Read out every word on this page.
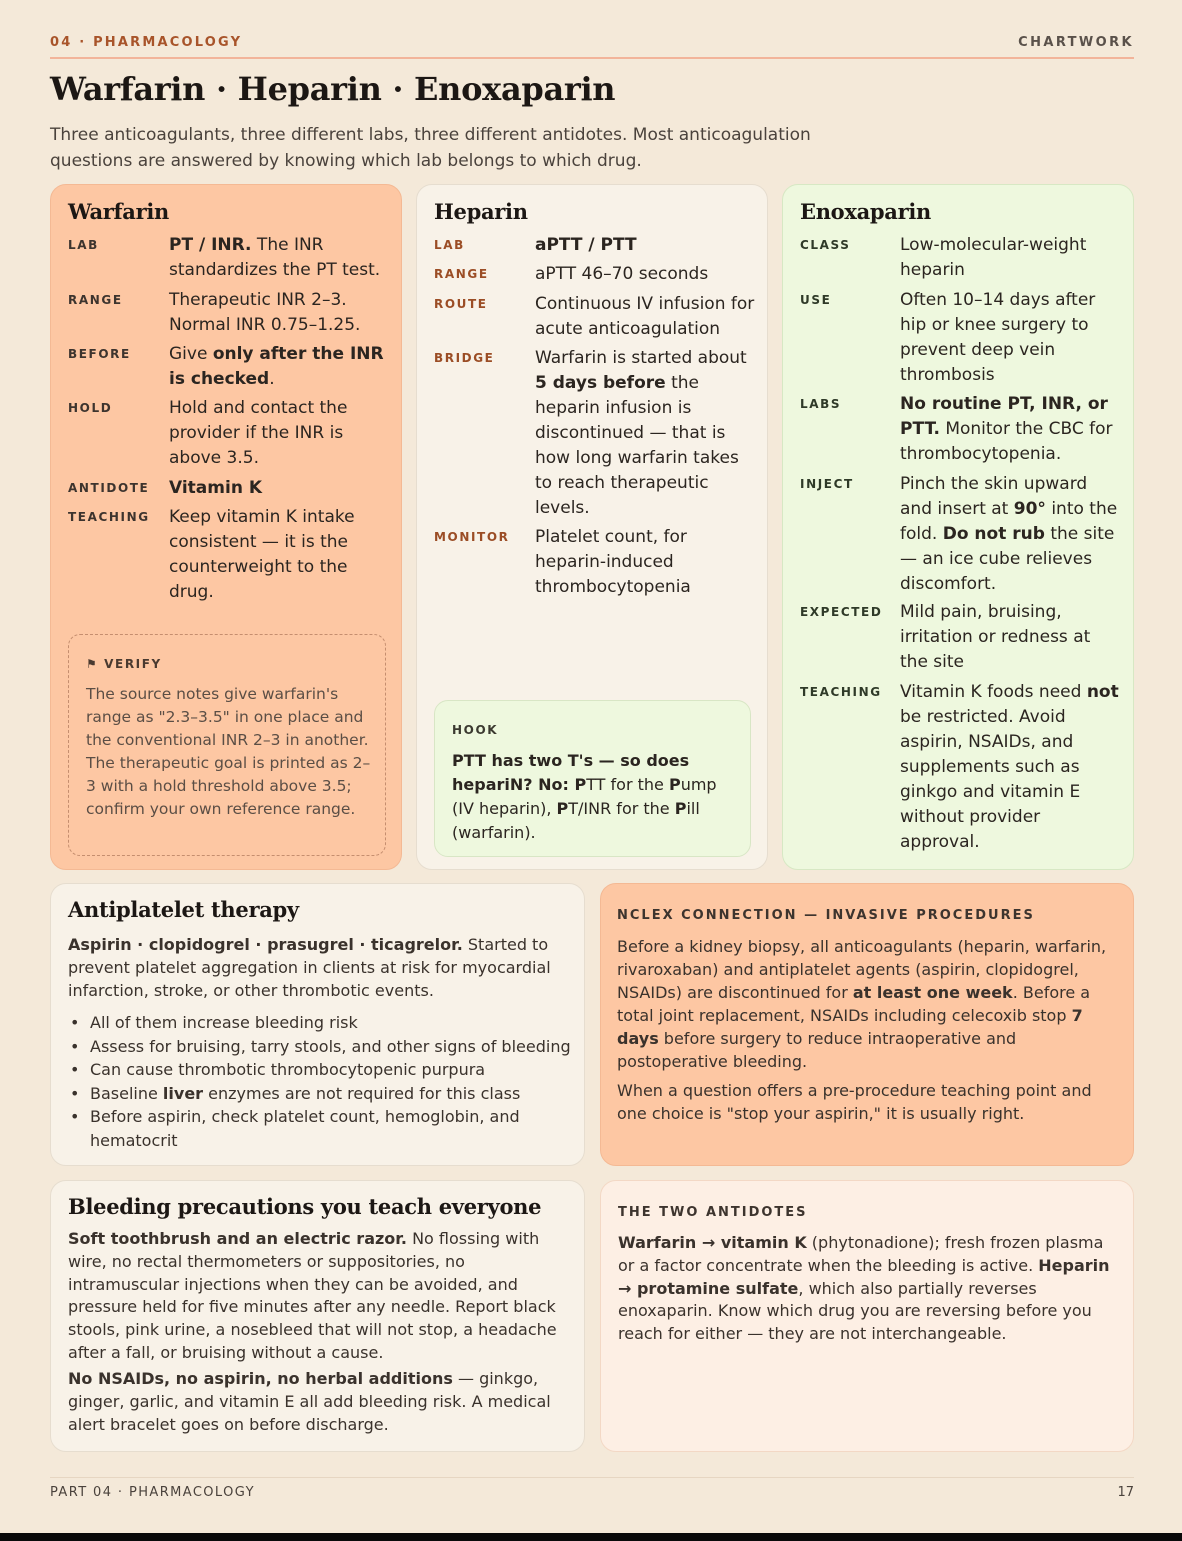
04 · PHARMACOLOGY	CHARTWORK
Warfarin · Heparin · Enoxaparin
Three anticoagulants, three different labs, three different antidotes. Most anticoagulation questions are answered by knowing which lab belongs to which drug.
Warfarin
LAB	PT / INR. The INR standardizes the PT test.
RANGE	Therapeutic INR 2–3. Normal INR 0.75–1.25.
BEFORE Give only after the INR is checked.
HOLD	Hold and contact the provider if the INR is above 3.5.
ANTIDOTE Vitamin K
TEACHING Keep vitamin K intake consistent — it is the counterweight to the drug.
⚑ VERIFY
The source notes give warfarin's range as "2.3–3.5" in one place and the conventional INR 2–3 in another. The therapeutic goal is printed as 2–3 with a hold threshold above 3.5; confirm your own reference range.
Heparin
LAB	aPTT / PTT
RANGE	aPTT 46–70 seconds
ROUTE	Continuous IV infusion for acute anticoagulation
BRIDGE Warfarin is started about 5 days before the heparin infusion is discontinued — that is how long warfarin takes to reach therapeutic levels.
MONITOR Platelet count, for heparin-induced thrombocytopenia
HOOK
PTT has two T's — so does hepariN? No: PTT for the Pump (IV heparin), PT/INR for the Pill (warfarin).
Enoxaparin
CLASS	Low-molecular-weight heparin
USE	Often 10–14 days after hip or knee surgery to prevent deep vein thrombosis
LABS	No routine PT, INR, or PTT. Monitor the CBC for thrombocytopenia.
INJECT	Pinch the skin upward and insert at 90° into the fold. Do not rub the site — an ice cube relieves discomfort.
EXPECTED Mild pain, bruising, irritation or redness at the site
TEACHING Vitamin K foods need not be restricted. Avoid aspirin, NSAIDs, and supplements such as ginkgo and vitamin E without provider approval.
Antiplatelet therapy
Aspirin · clopidogrel · prasugrel · ticagrelor. Started to prevent platelet aggregation in clients at risk for myocardial infarction, stroke, or other thrombotic events.
• All of them increase bleeding risk
• Assess for bruising, tarry stools, and other signs of bleeding
• Can cause thrombotic thrombocytopenic purpura
• Baseline liver enzymes are not required for this class
• Before aspirin, check platelet count, hemoglobin, and hematocrit
NCLEX CONNECTION — INVASIVE PROCEDURES
Before a kidney biopsy, all anticoagulants (heparin, warfarin, rivaroxaban) and antiplatelet agents (aspirin, clopidogrel, NSAIDs) are discontinued for at least one week. Before a total joint replacement, NSAIDs including celecoxib stop 7 days before surgery to reduce intraoperative and postoperative bleeding.
When a question offers a pre-procedure teaching point and one choice is "stop your aspirin," it is usually right.
Bleeding precautions you teach everyone
Soft toothbrush and an electric razor. No flossing with wire, no rectal thermometers or suppositories, no intramuscular injections when they can be avoided, and pressure held for five minutes after any needle. Report black stools, pink urine, a nosebleed that will not stop, a headache after a fall, or bruising without a cause.
No NSAIDs, no aspirin, no herbal additions — ginkgo, ginger, garlic, and vitamin E all add bleeding risk. A medical alert bracelet goes on before discharge.
THE TWO ANTIDOTES
Warfarin → vitamin K (phytonadione); fresh frozen plasma or a factor concentrate when the bleeding is active. Heparin → protamine sulfate, which also partially reverses enoxaparin. Know which drug you are reversing before you reach for either — they are not interchangeable.
PART 04 · PHARMACOLOGY	17
